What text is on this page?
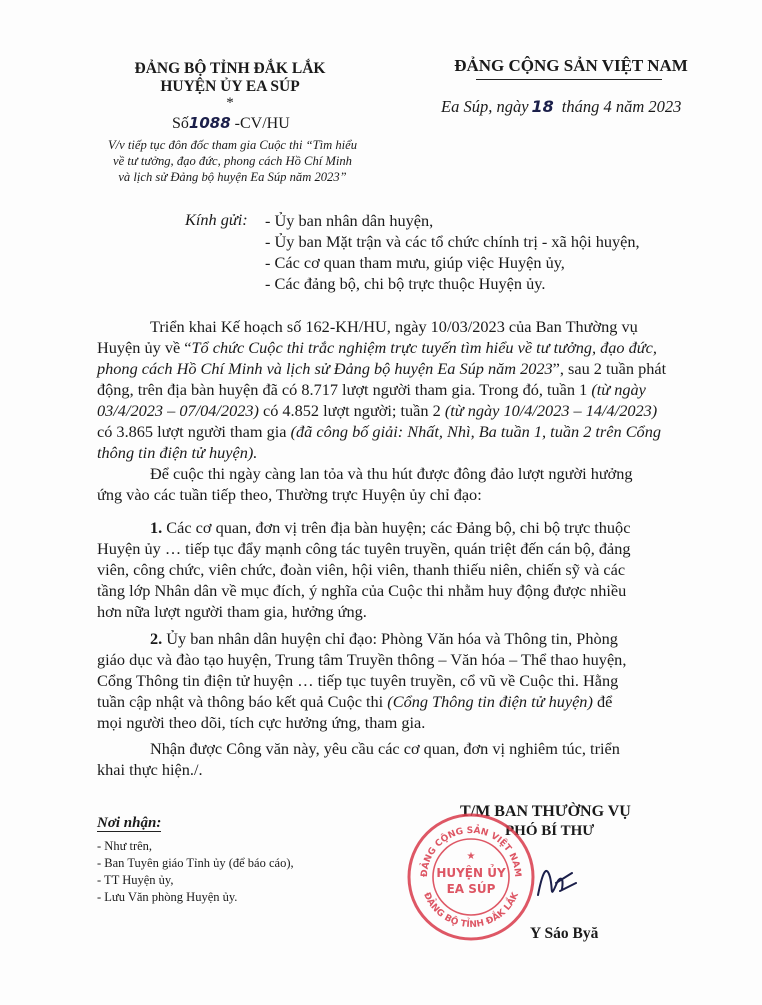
ĐẢNG BỘ TỈNH ĐẮK LẮK
HUYỆN ỦY EA SÚP
*
Số1088 -CV/HU
V/v tiếp tục đôn đốc tham gia Cuộc thi “Tìm hiểu
về tư tưởng, đạo đức, phong cách Hồ Chí Minh
và lịch sử Đảng bộ huyện Ea Súp năm 2023”
ĐẢNG CỘNG SẢN VIỆT NAM
Ea Súp, ngày 18 tháng 4 năm 2023
Kính gửi: - Ủy ban nhân dân huyện,
- Ủy ban Mặt trận và các tổ chức chính trị - xã hội huyện,
- Các cơ quan tham mưu, giúp việc Huyện ủy,
- Các đảng bộ, chi bộ trực thuộc Huyện ủy.
Triển khai Kế hoạch số 162-KH/HU, ngày 10/03/2023 của Ban Thường vụ
Huyện ủy về “Tổ chức Cuộc thi trắc nghiệm trực tuyến tìm hiểu về tư tưởng, đạo đức,
phong cách Hồ Chí Minh và lịch sử Đảng bộ huyện Ea Súp năm 2023”, sau 2 tuần phát
động, trên địa bàn huyện đã có 8.717 lượt người tham gia. Trong đó, tuần 1 (từ ngày
03/4/2023 – 07/04/2023) có 4.852 lượt người; tuần 2 (từ ngày 10/4/2023 – 14/4/2023)
có 3.865 lượt người tham gia (đã công bố giải: Nhất, Nhì, Ba tuần 1, tuần 2 trên Cổng
thông tin điện tử huyện).
Để cuộc thi ngày càng lan tỏa và thu hút được đông đảo lượt người hưởng
ứng vào các tuần tiếp theo, Thường trực Huyện ủy chỉ đạo:
1. Các cơ quan, đơn vị trên địa bàn huyện; các Đảng bộ, chi bộ trực thuộc
Huyện ủy … tiếp tục đẩy mạnh công tác tuyên truyền, quán triệt đến cán bộ, đảng
viên, công chức, viên chức, đoàn viên, hội viên, thanh thiếu niên, chiến sỹ và các
tầng lớp Nhân dân về mục đích, ý nghĩa của Cuộc thi nhằm huy động được nhiều
hơn nữa lượt người tham gia, hưởng ứng.
2. Ủy ban nhân dân huyện chỉ đạo: Phòng Văn hóa và Thông tin, Phòng
giáo dục và đào tạo huyện, Trung tâm Truyền thông – Văn hóa – Thể thao huyện,
Cổng Thông tin điện tử huyện … tiếp tục tuyên truyền, cổ vũ về Cuộc thi. Hằng
tuần cập nhật và thông báo kết quả Cuộc thi (Cổng Thông tin điện tử huyện) để
mọi người theo dõi, tích cực hưởng ứng, tham gia.
Nhận được Công văn này, yêu cầu các cơ quan, đơn vị nghiêm túc, triển
khai thực hiện./.
Nơi nhận:
- Như trên,
- Ban Tuyên giáo Tỉnh ủy (để báo cáo),
- TT Huyện ủy,
- Lưu Văn phòng Huyện ủy.
T/M BAN THƯỜNG VỤ
PHÓ BÍ THƯ
ĐẢNG CỘNG SẢN VIỆT NAM
ĐẢNG BỘ TỈNH ĐẮK LẮK
HUYỆN ỦY
EA SÚP
★
Y Sáo Byă
